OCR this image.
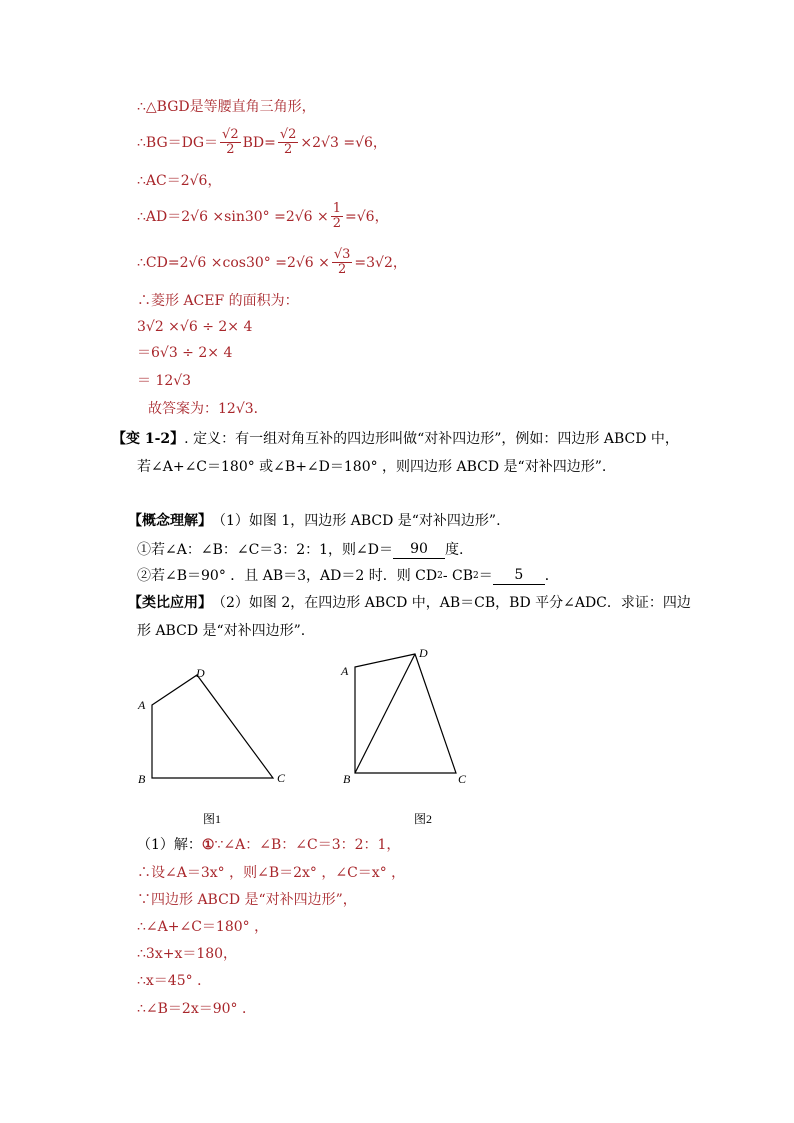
∴△BGD是等腰直角三角形，
∴BG＝DG＝ $\frac{√2}{2} BD= \frac{√2}{2} \times 2√3 =√6$，
∴AC＝2√6，
∴AD＝2√6 $\times\sin 30^\circ =2√6 \times \frac{1}{2} =√6$，
∴CD=2√6 $\times\cos 30^\circ =2√6 \times \frac{√3}{2} =3√2$，
∴菱形 ACEF 的面积为：
3√2 ×√6 ÷ 2× 4
＝6√3 ÷ 2× 4
＝ 12√3
故答案为：12√3．
【变 1-2】 . 定义：有一组对角互补的四边形叫做“对补四边形”，例如：四边形 ABCD 中，
若∠A+∠C＝180° 或∠B+∠D＝180° ，则四边形 ABCD 是“对补四边形”.
【概念理解】 （1）如图 1，四边形 ABCD 是“对补四边形”.
①若∠A：∠B：∠C＝3：2：1，则∠D＝	90	度.
②若∠B＝90° ．且 AB＝3，AD＝2 时．则 CD 2 - CB 2 ＝	5	．
【类比应用】 （2）如图 2，在四边形 ABCD 中，AB＝CB，BD 平分∠ADC．求证：四边
形 ABCD 是“对补四边形”.
A
B	C
D
图1
A
B	C
D
图2
（1）解： ① ∵∠A：∠B：∠C＝3：2：1，
∴设∠A＝3x° ，则∠B＝2x° ，∠C＝x° ，
∵四边形 ABCD 是“对补四边形”，
∴∠A+∠C＝180° ，
∴3x+x＝180，
∴x＝45° ．
∴∠B＝2x＝90° ．
